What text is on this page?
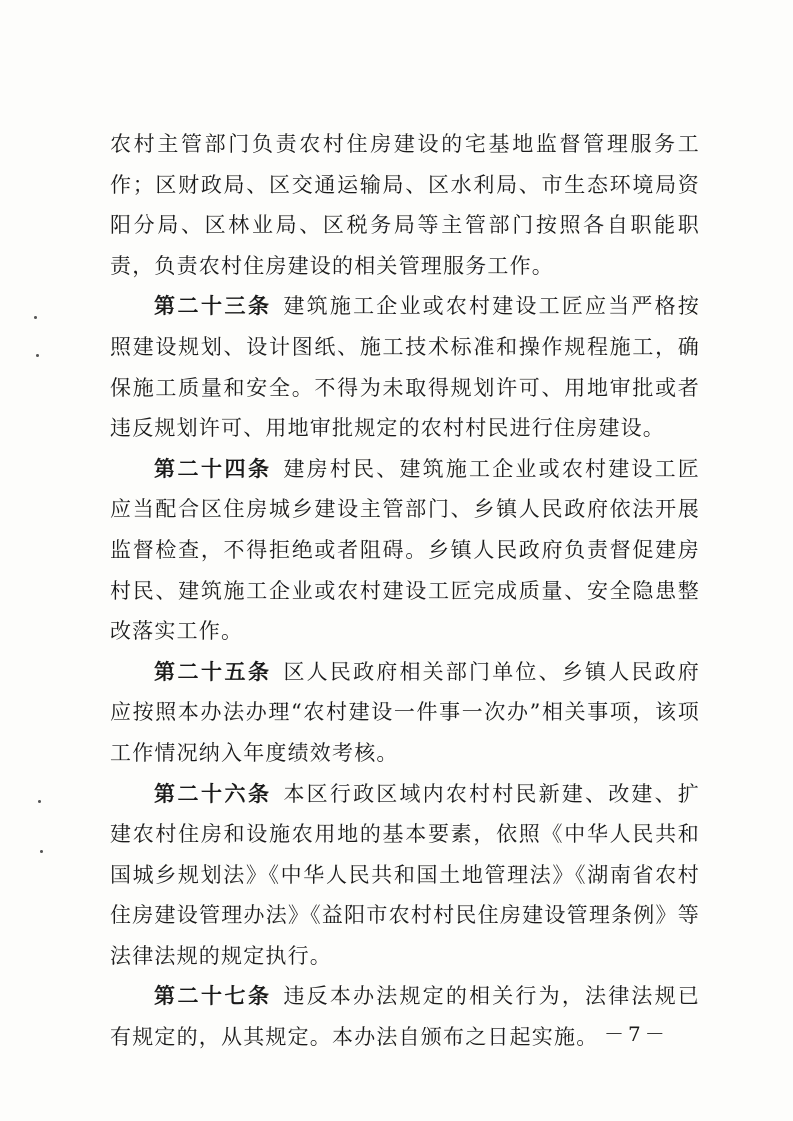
农村主管部门负责农村住房建设的宅基地监督管理服务工作；区财政局、区交通运输局、区水利局、市生态环境局资阳分局、区林业局、区税务局等主管部门按照各自职能职责，负责农村住房建设的相关管理服务工作。

第二十三条 建筑施工企业或农村建设工匠应当严格按照建设规划、设计图纸、施工技术标准和操作规程施工，确保施工质量和安全。不得为未取得规划许可、用地审批或者违反规划许可、用地审批规定的农村村民进行住房建设。

第二十四条 建房村民、建筑施工企业或农村建设工匠应当配合区住房城乡建设主管部门、乡镇人民政府依法开展监督检查，不得拒绝或者阻碍。乡镇人民政府负责督促建房村民、建筑施工企业或农村建设工匠完成质量、安全隐患整改落实工作。

第二十五条 区人民政府相关部门单位、乡镇人民政府应按照本办法办理“农村建设一件事一次办”相关事项，该项工作情况纳入年度绩效考核。

第二十六条 本区行政区域内农村村民新建、改建、扩建农村住房和设施农用地的基本要素，依照《中华人民共和国城乡规划法》《中华人民共和国土地管理法》《湖南省农村住房建设管理办法》《益阳市农村村民住房建设管理条例》等法律法规的规定执行。

第二十七条 违反本办法规定的相关行为，法律法规已有规定的，从其规定。本办法自颁布之日起实施。 －7－
